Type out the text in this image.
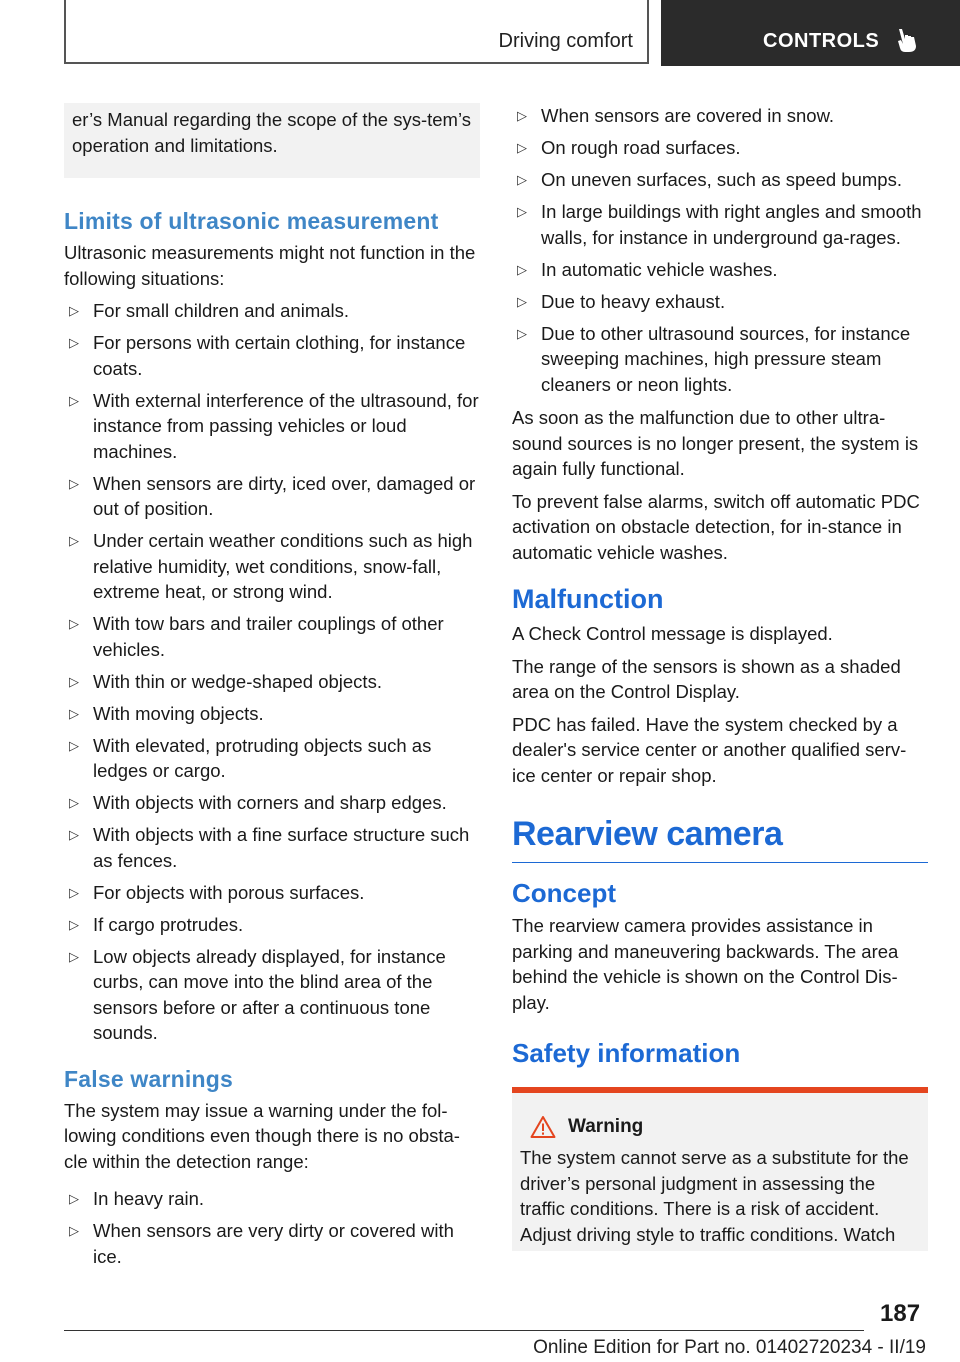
Driving comfort	CONTROLS

er’s Manual regarding the scope of the sys-tem’s operation and limitations.

Limits of ultrasonic measurement

Ultrasonic measurements might not function in the following situations:

▷ For small children and animals.
▷ For persons with certain clothing, for instance coats.
▷ With external interference of the ultrasound, for instance from passing vehicles or loud machines.
▷ When sensors are dirty, iced over, damaged or out of position.
▷ Under certain weather conditions such as high relative humidity, wet conditions, snow-fall, extreme heat, or strong wind.
▷ With tow bars and trailer couplings of other vehicles.
▷ With thin or wedge-shaped objects.
▷ With moving objects.
▷ With elevated, protruding objects such as ledges or cargo.
▷ With objects with corners and sharp edges.
▷ With objects with a fine surface structure such as fences.
▷ For objects with porous surfaces.
▷ If cargo protrudes.
▷ Low objects already displayed, for instance curbs, can move into the blind area of the sensors before or after a continuous tone sounds.
False warnings

The system may issue a warning under the fol-lowing conditions even though there is no obsta-cle within the detection range:

▷ In heavy rain.
▷ When sensors are very dirty or covered with ice.
▷ When sensors are covered in snow.
▷ On rough road surfaces.
▷ On uneven surfaces, such as speed bumps.
▷ In large buildings with right angles and smooth walls, for instance in underground ga-rages.
▷ In automatic vehicle washes.
▷ Due to heavy exhaust.
▷ Due to other ultrasound sources, for instance sweeping machines, high pressure steam cleaners or neon lights.

As soon as the malfunction due to other ultra-sound sources is no longer present, the system is again fully functional.

To prevent false alarms, switch off automatic PDC activation on obstacle detection, for in-stance in automatic vehicle washes.

Malfunction

A Check Control message is displayed.

The range of the sensors is shown as a shaded area on the Control Display.

PDC has failed. Have the system checked by a dealer's service center or another qualified serv-ice center or repair shop.

Rearview camera
Concept

The rearview camera provides assistance in parking and maneuvering backwards. The area behind the vehicle is shown on the Control Dis-play.

Safety information
Warning

The system cannot serve as a substitute for the driver’s personal judgment in assessing the traffic conditions. There is a risk of accident. Adjust driving style to traffic conditions. Watch

187
Online Edition for Part no. 01402720234 - II/19
